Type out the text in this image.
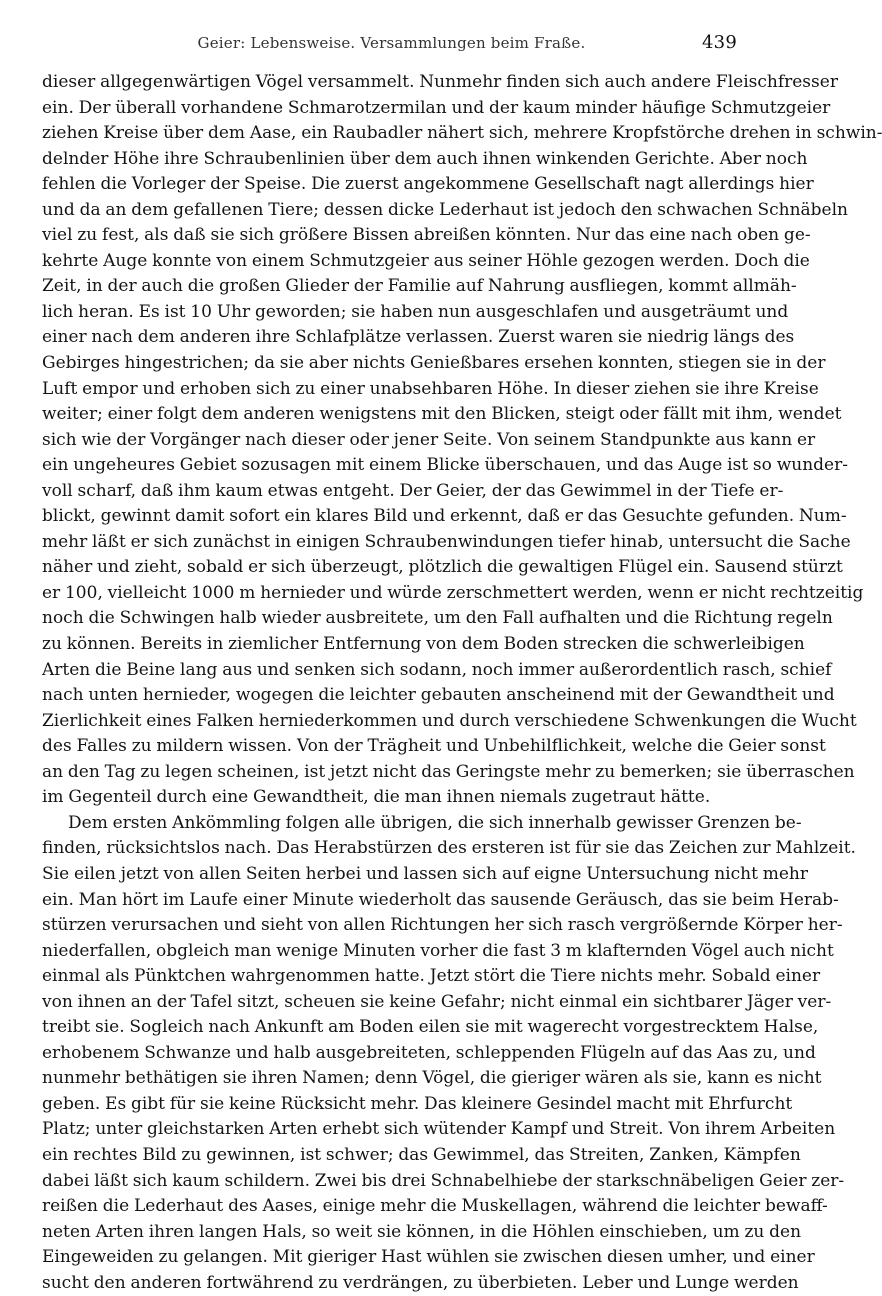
Geier: Lebensweise. Versammlungen beim Fraße.	439
dieser allgegenwärtigen Vögel versammelt. Nunmehr finden sich auch andere Fleischfresser
ein. Der überall vorhandene Schmarotzermilan und der kaum minder häufige Schmutzgeier
ziehen Kreise über dem Aase, ein Raubadler nähert sich, mehrere Kropfstörche drehen in schwin-
delnder Höhe ihre Schraubenlinien über dem auch ihnen winkenden Gerichte. Aber noch
fehlen die Vorleger der Speise. Die zuerst angekommene Gesellschaft nagt allerdings hier
und da an dem gefallenen Tiere; dessen dicke Lederhaut ist jedoch den schwachen Schnäbeln
viel zu fest, als daß sie sich größere Bissen abreißen könnten. Nur das eine nach oben ge-
kehrte Auge konnte von einem Schmutzgeier aus seiner Höhle gezogen werden. Doch die
Zeit, in der auch die großen Glieder der Familie auf Nahrung ausfliegen, kommt allmäh-
lich heran. Es ist 10 Uhr geworden; sie haben nun ausgeschlafen und ausgeträumt und
einer nach dem anderen ihre Schlafplätze verlassen. Zuerst waren sie niedrig längs des
Gebirges hingestrichen; da sie aber nichts Genießbares ersehen konnten, stiegen sie in der
Luft empor und erhoben sich zu einer unabsehbaren Höhe. In dieser ziehen sie ihre Kreise
weiter; einer folgt dem anderen wenigstens mit den Blicken, steigt oder fällt mit ihm, wendet
sich wie der Vorgänger nach dieser oder jener Seite. Von seinem Standpunkte aus kann er
ein ungeheures Gebiet sozusagen mit einem Blicke überschauen, und das Auge ist so wunder-
voll scharf, daß ihm kaum etwas entgeht. Der Geier, der das Gewimmel in der Tiefe er-
blickt, gewinnt damit sofort ein klares Bild und erkennt, daß er das Gesuchte gefunden. Num-
mehr läßt er sich zunächst in einigen Schraubenwindungen tiefer hinab, untersucht die Sache
näher und zieht, sobald er sich überzeugt, plötzlich die gewaltigen Flügel ein. Sausend stürzt
er 100, vielleicht 1000 m hernieder und würde zerschmettert werden, wenn er nicht rechtzeitig
noch die Schwingen halb wieder ausbreitete, um den Fall aufhalten und die Richtung regeln
zu können. Bereits in ziemlicher Entfernung von dem Boden strecken die schwerleibigen
Arten die Beine lang aus und senken sich sodann, noch immer außerordentlich rasch, schief
nach unten hernieder, wogegen die leichter gebauten anscheinend mit der Gewandtheit und
Zierlichkeit eines Falken herniederkommen und durch verschiedene Schwenkungen die Wucht
des Falles zu mildern wissen. Von der Trägheit und Unbehilflichkeit, welche die Geier sonst
an den Tag zu legen scheinen, ist jetzt nicht das Geringste mehr zu bemerken; sie überraschen
im Gegenteil durch eine Gewandtheit, die man ihnen niemals zugetraut hätte.
Dem ersten Ankömmling folgen alle übrigen, die sich innerhalb gewisser Grenzen be-
finden, rücksichtslos nach. Das Herabstürzen des ersteren ist für sie das Zeichen zur Mahlzeit.
Sie eilen jetzt von allen Seiten herbei und lassen sich auf eigne Untersuchung nicht mehr
ein. Man hört im Laufe einer Minute wiederholt das sausende Geräusch, das sie beim Herab-
stürzen verursachen und sieht von allen Richtungen her sich rasch vergrößernde Körper her-
niederfallen, obgleich man wenige Minuten vorher die fast 3 m klafternden Vögel auch nicht
einmal als Pünktchen wahrgenommen hatte. Jetzt stört die Tiere nichts mehr. Sobald einer
von ihnen an der Tafel sitzt, scheuen sie keine Gefahr; nicht einmal ein sichtbarer Jäger ver-
treibt sie. Sogleich nach Ankunft am Boden eilen sie mit wagerecht vorgestrecktem Halse,
erhobenem Schwanze und halb ausgebreiteten, schleppenden Flügeln auf das Aas zu, und
nunmehr bethätigen sie ihren Namen; denn Vögel, die gieriger wären als sie, kann es nicht
geben. Es gibt für sie keine Rücksicht mehr. Das kleinere Gesindel macht mit Ehrfurcht
Platz; unter gleichstarken Arten erhebt sich wütender Kampf und Streit. Von ihrem Arbeiten
ein rechtes Bild zu gewinnen, ist schwer; das Gewimmel, das Streiten, Zanken, Kämpfen
dabei läßt sich kaum schildern. Zwei bis drei Schnabelhiebe der starkschnäbeligen Geier zer-
reißen die Lederhaut des Aases, einige mehr die Muskellagen, während die leichter bewaff-
neten Arten ihren langen Hals, so weit sie können, in die Höhlen einschieben, um zu den
Eingeweiden zu gelangen. Mit gieriger Hast wühlen sie zwischen diesen umher, und einer
sucht den anderen fortwährend zu verdrängen, zu überbieten. Leber und Lunge werden
